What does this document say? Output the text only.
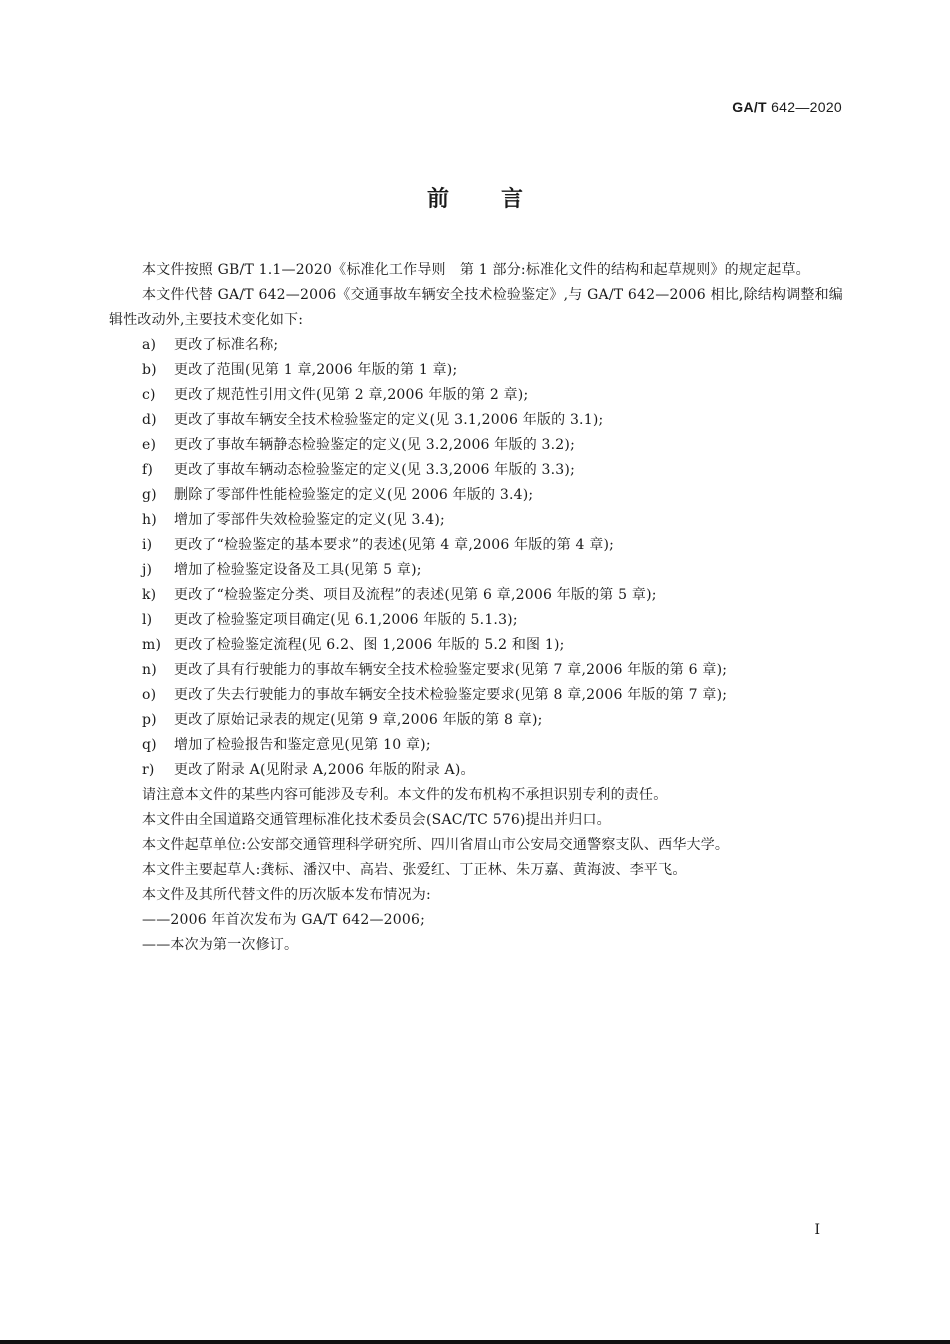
GA/T 642—2020
前言

本文件按照 GB/T 1.1—2020《标准化工作导则　第 1 部分:标准化文件的结构和起草规则》的规定起草。

本文件代替 GA/T 642—2006《交通事故车辆安全技术检验鉴定》,与 GA/T 642—2006 相比,除结构调整和编辑性改动外,主要技术变化如下:

a)	更改了标准名称;
b)	更改了范围(见第 1 章,2006 年版的第 1 章);
c)	更改了规范性引用文件(见第 2 章,2006 年版的第 2 章);
d)	更改了事故车辆安全技术检验鉴定的定义(见 3.1,2006 年版的 3.1);
e)	更改了事故车辆静态检验鉴定的定义(见 3.2,2006 年版的 3.2);
f)	更改了事故车辆动态检验鉴定的定义(见 3.3,2006 年版的 3.3);
g)	删除了零部件性能检验鉴定的定义(见 2006 年版的 3.4);
h)	增加了零部件失效检验鉴定的定义(见 3.4);
i)	更改了“检验鉴定的基本要求”的表述(见第 4 章,2006 年版的第 4 章);
j)	增加了检验鉴定设备及工具(见第 5 章);
k)	更改了“检验鉴定分类、项目及流程”的表述(见第 6 章,2006 年版的第 5 章);
l)	更改了检验鉴定项目确定(见 6.1,2006 年版的 5.1.3);
m) 更改了检验鉴定流程(见 6.2、图 1,2006 年版的 5.2 和图 1);
n)	更改了具有行驶能力的事故车辆安全技术检验鉴定要求(见第 7 章,2006 年版的第 6 章);
o)	更改了失去行驶能力的事故车辆安全技术检验鉴定要求(见第 8 章,2006 年版的第 7 章);
p)	更改了原始记录表的规定(见第 9 章,2006 年版的第 8 章);
q)	增加了检验报告和鉴定意见(见第 10 章);
r)	更改了附录 A(见附录 A,2006 年版的附录 A)。

请注意本文件的某些内容可能涉及专利。本文件的发布机构不承担识别专利的责任。

本文件由全国道路交通管理标准化技术委员会(SAC/TC 576)提出并归口。

本文件起草单位:公安部交通管理科学研究所、四川省眉山市公安局交通警察支队、西华大学。

本文件主要起草人:龚标、潘汉中、高岩、张爱红、丁正林、朱万嘉、黄海波、李平飞。

本文件及其所代替文件的历次版本发布情况为:

——2006 年首次发布为 GA/T 642—2006;

——本次为第一次修订。

I
